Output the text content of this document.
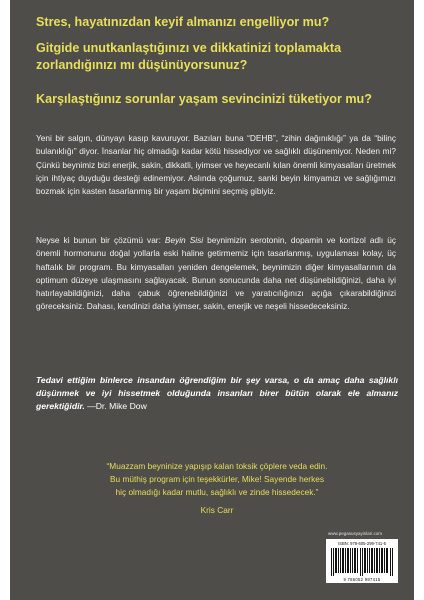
Stres, hayatınızdan keyif almanızı engelliyor mu?

Gitgide unutkanlaştığınızı ve dikkatinizi toplamakta zorlandığınızı mı düşünüyorsunuz?

Karşılaştığınız sorunlar yaşam sevincinizi tüketiyor mu?

Yeni bir salgın, dünyayı kasıp kavuruyor. Bazıları buna “DEHB”, “zihin dağınıklığı” ya da “bilinç bulanıklığı” diyor. İnsanlar hiç olmadığı kadar kötü hissediyor ve sağlıklı düşünemiyor. Neden mi? Çünkü beynimiz bizi enerjik, sakin, dikkatli, iyimser ve heyecanlı kılan önemli kimyasalları üretmek için ihtiyaç duyduğu desteği edinemiyor. Aslında çoğumuz, sanki beyin kimyamızı ve sağlığımızı bozmak için kasten tasarlanmış bir yaşam biçimini seçmiş gibiyiz.

Neyse ki bunun bir çözümü var: Beyin Sisi beynimizin serotonin, dopamin ve kortizol adlı üç önemli hormonunu doğal yollarla eski haline getirmemiz için tasarlanmış, uygulaması kolay, üç haftalık bir program. Bu kimyasalları yeniden dengelemek, beynimizin diğer kimyasallarının da optimum düzeye ulaşmasını sağlayacak. Bunun sonucunda daha net düşünebildiğinizi, daha iyi hatırlayabildiğinizi, daha çabuk öğrenebildiğinizi ve yaratıcılığınızı açığa çıkarabildiğinizi göreceksiniz. Dahası, kendinizi daha iyimser, sakin, enerjik ve neşeli hissedeceksiniz.

Tedavi ettiğim binlerce insandan öğrendiğim bir şey varsa, o da amaç daha sağlıklı düşünmek ve iyi hissetmek olduğunda insanları birer bütün olarak ele almanız gerektiğidir. —Dr. Mike Dow

“Muazzam beyninize yapışıp kalan toksik çöplere veda edin.
Bu müthiş program için teşekkürler, Mike! Sayende herkes
hiç olmadığı kadar mutlu, sağlıklı ve zinde hissedecek.”

Kris Carr

www.pegasusyayinlari.com
ISBN: 978-605-299-741-5
9 786052 997415
